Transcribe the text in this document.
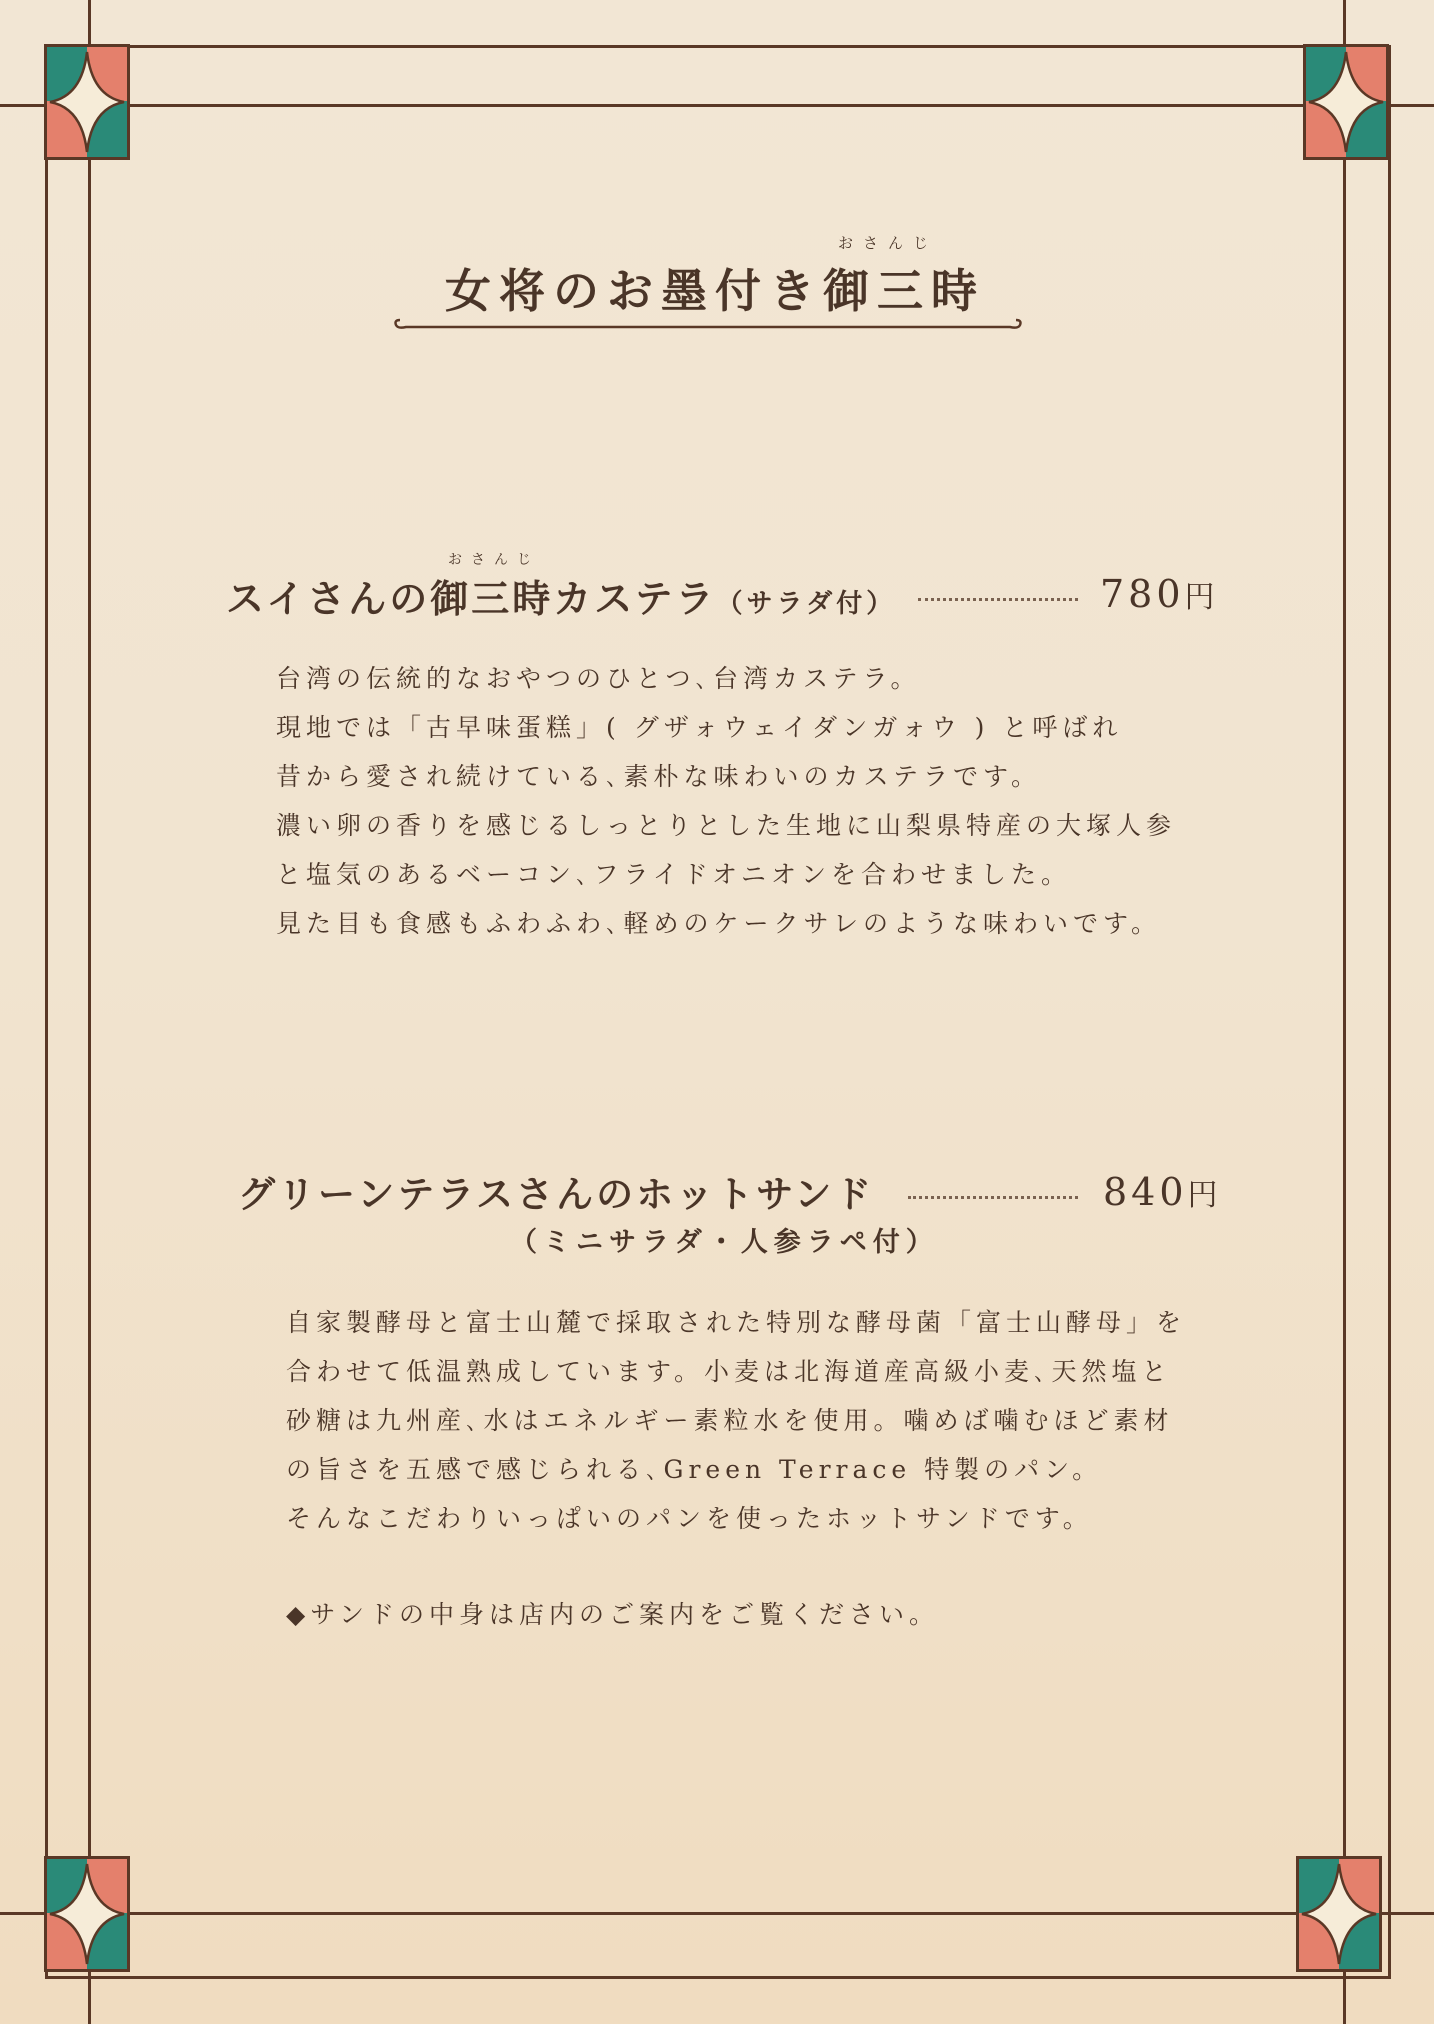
おさんじ
女将のお墨付き御三時
おさんじ
スイさんの御三時カステラ（サラダ付）	780円
台湾の伝統的なおやつのひとつ､台湾カステラ。
現地では「古早味蛋糕」( グザォウェイダンガォウ ) と呼ばれ
昔から愛され続けている､素朴な味わいのカステラです。
濃い卵の香りを感じるしっとりとした生地に山梨県特産の大塚人参
と塩気のあるベーコン､フライドオニオンを合わせました。
見た目も食感もふわふわ､軽めのケークサレのような味わいです。
グリーンテラスさんのホットサンド	840円
（ミニサラダ・人参ラペ付）
自家製酵母と富士山麓で採取された特別な酵母菌「富士山酵母」を
合わせて低温熟成しています。小麦は北海道産高級小麦､天然塩と
砂糖は九州産､水はエネルギー素粒水を使用。噛めば噛むほど素材
の旨さを五感で感じられる､Green Terrace 特製のパン。
そんなこだわりいっぱいのパンを使ったホットサンドです。
◆サンドの中身は店内のご案内をご覧ください。
